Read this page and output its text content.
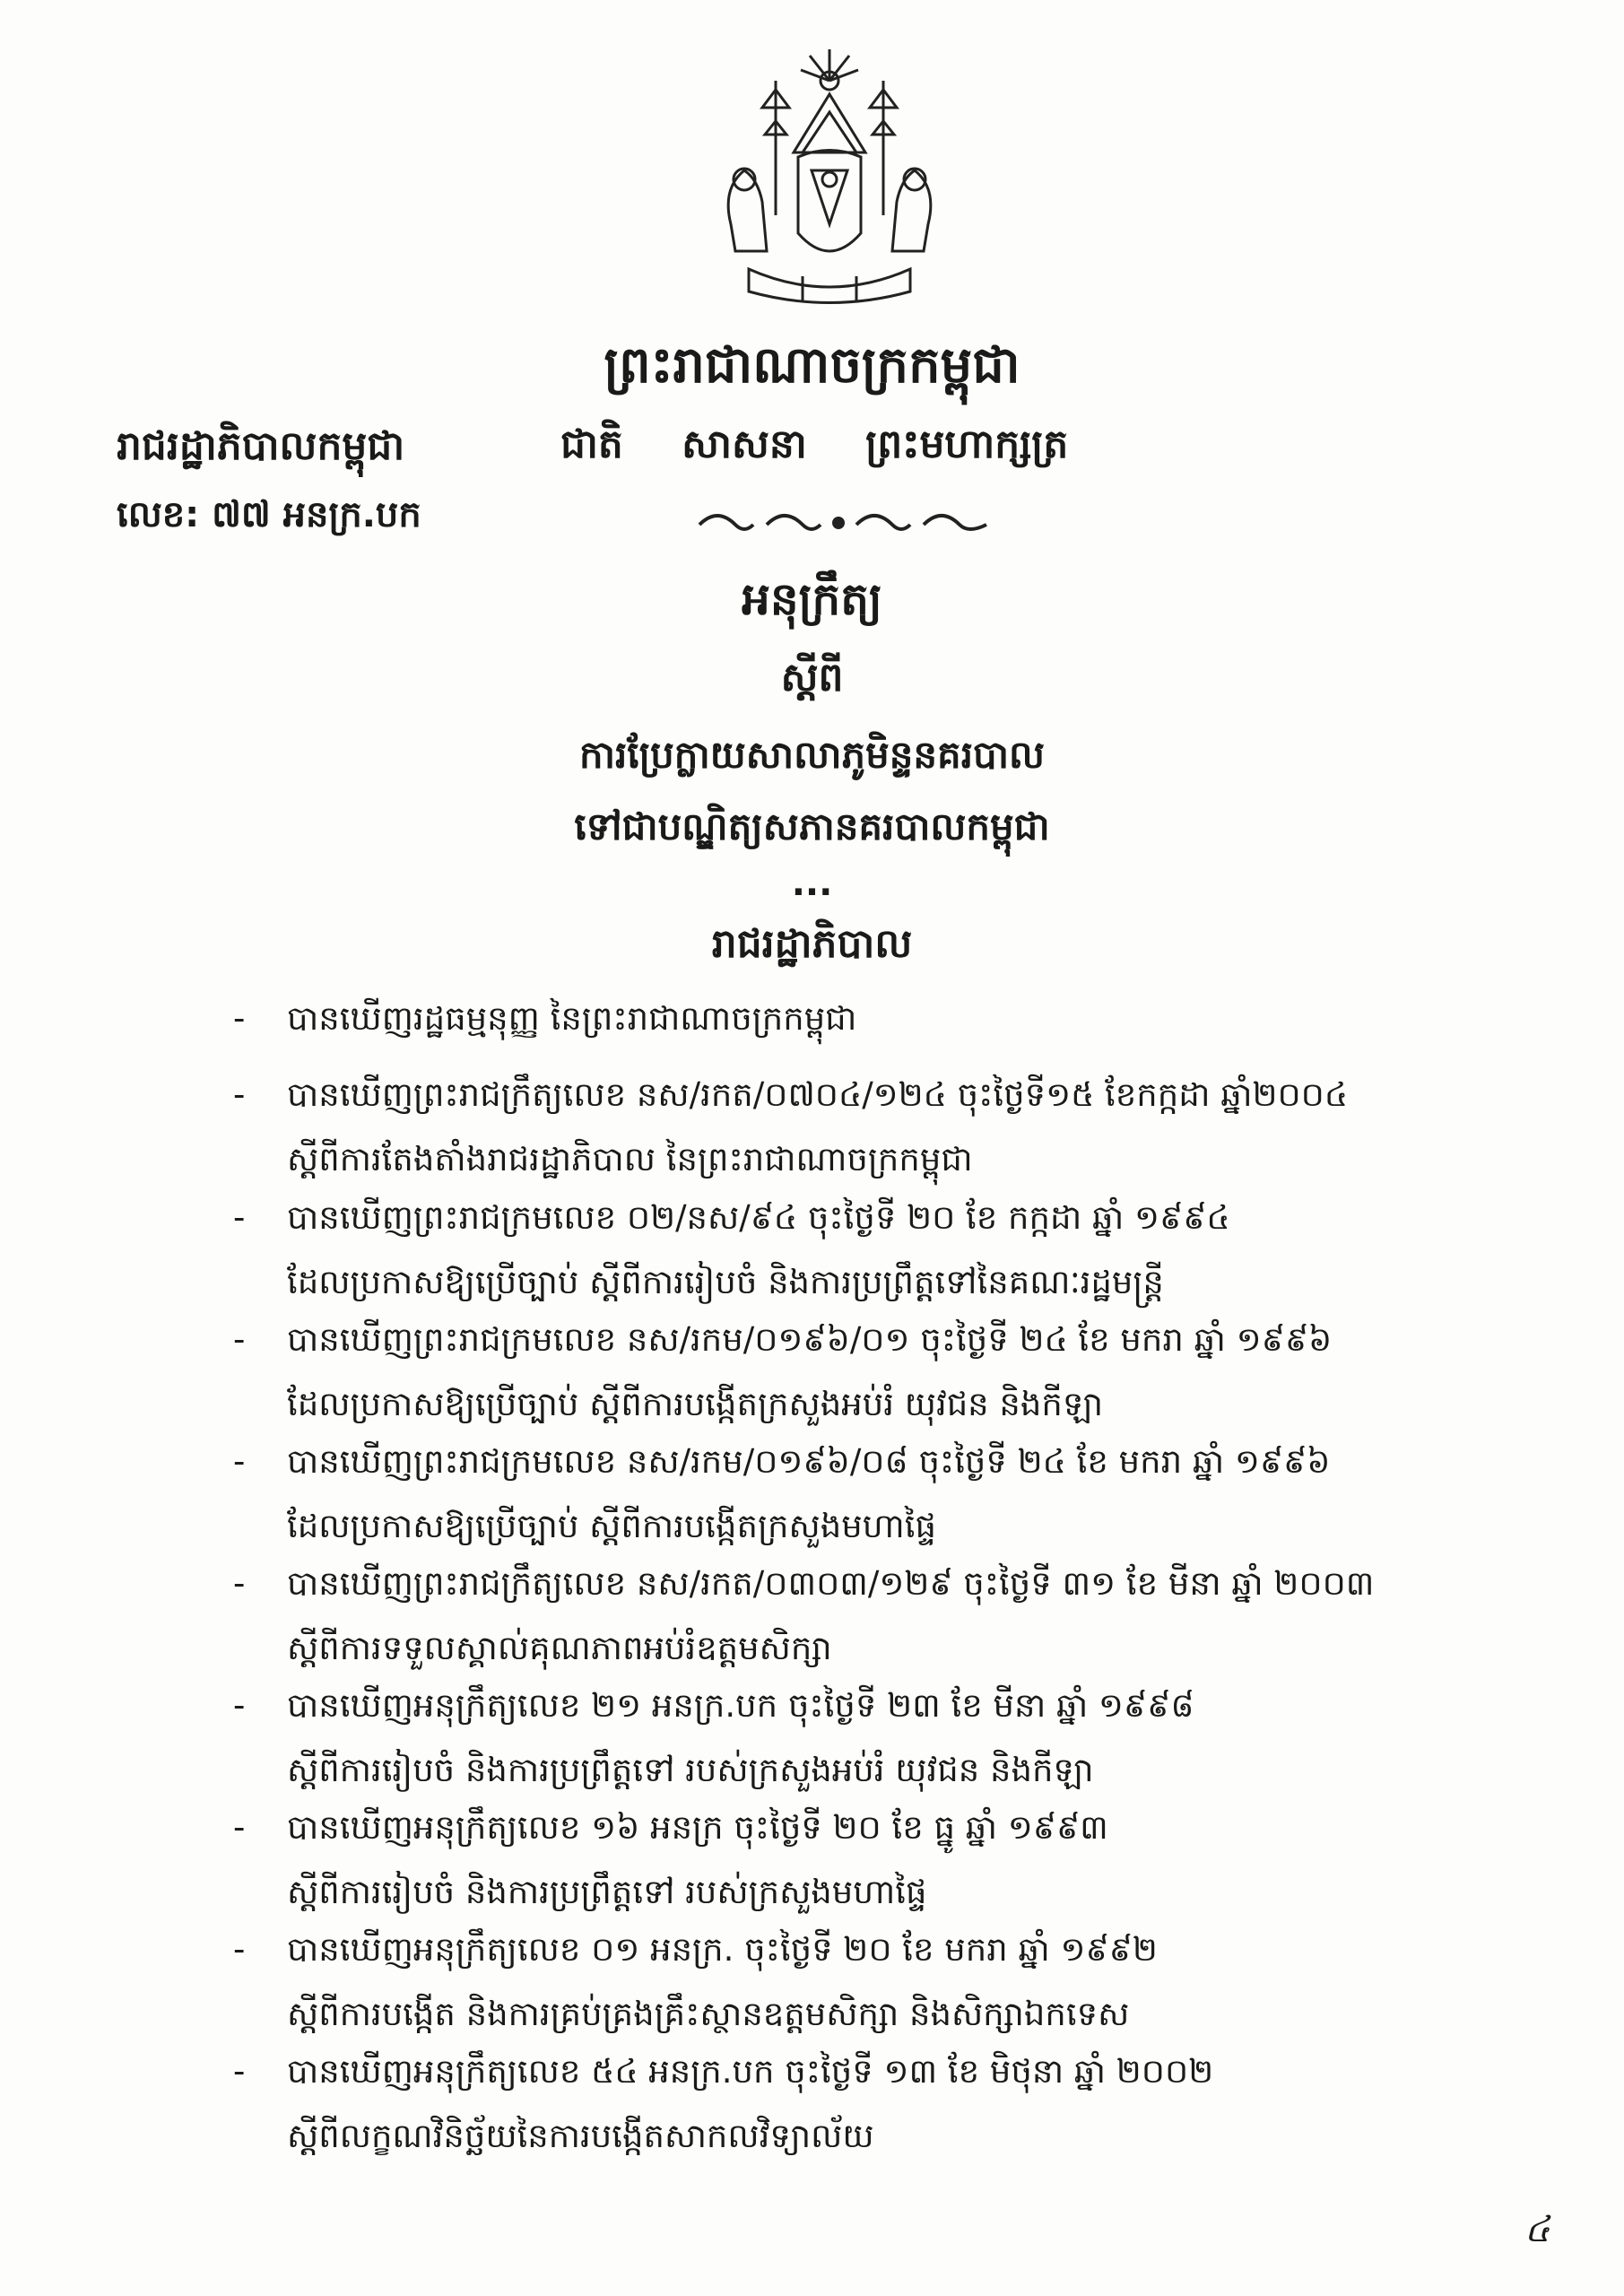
ព្រះរាជាណាចក្រកម្ពុជា
រាជរដ្ឋាភិបាលកម្ពុជា	ជាតិ សាសនា ព្រះមហាក្សត្រ
លេខ: ៧៧ អនក្រ.បក
អនុក្រឹត្យ
ស្តីពី
ការប្រែក្លាយសាលាភូមិន្ទនគរបាល
ទៅជាបណ្ឌិត្យសភានគរបាលកម្ពុជា
...
រាជរដ្ឋាភិបាល
- បានឃើញរដ្ឋធម្មនុញ្ញ នៃព្រះរាជាណាចក្រកម្ពុជា
- បានឃើញព្រះរាជក្រឹត្យលេខ នស/រកត/០៧០៤/១២៤ ចុះថ្ងៃទី១៥ ខែកក្កដា ឆ្នាំ២០០៤
ស្តីពីការតែងតាំងរាជរដ្ឋាភិបាល នៃព្រះរាជាណាចក្រកម្ពុជា
- បានឃើញព្រះរាជក្រមលេខ ០២/នស/៩៤ ចុះថ្ងៃទី ២០ ខែ កក្កដា ឆ្នាំ ១៩៩៤
ដែលប្រកាសឱ្យប្រើច្បាប់ ស្តីពីការរៀបចំ និងការប្រព្រឹត្តទៅនៃគណៈរដ្ឋមន្ត្រី
- បានឃើញព្រះរាជក្រមលេខ នស/រកម/០១៩៦/០១ ចុះថ្ងៃទី ២៤ ខែ មករា ឆ្នាំ ១៩៩៦
ដែលប្រកាសឱ្យប្រើច្បាប់ ស្តីពីការបង្កើតក្រសួងអប់រំ យុវជន និងកីឡា
- បានឃើញព្រះរាជក្រមលេខ នស/រកម/០១៩៦/០៨ ចុះថ្ងៃទី ២៤ ខែ មករា ឆ្នាំ ១៩៩៦
ដែលប្រកាសឱ្យប្រើច្បាប់ ស្តីពីការបង្កើតក្រសួងមហាផ្ទៃ
- បានឃើញព្រះរាជក្រឹត្យលេខ នស/រកត/០៣០៣/១២៩ ចុះថ្ងៃទី ៣១ ខែ មីនា ឆ្នាំ ២០០៣
ស្តីពីការទទួលស្គាល់គុណភាពអប់រំឧត្តមសិក្សា
- បានឃើញអនុក្រឹត្យលេខ ២១ អនក្រ.បក ចុះថ្ងៃទី ២៣ ខែ មីនា ឆ្នាំ ១៩៩៨
ស្តីពីការរៀបចំ និងការប្រព្រឹត្តទៅ របស់ក្រសួងអប់រំ យុវជន និងកីឡា
- បានឃើញអនុក្រឹត្យលេខ ១៦ អនក្រ ចុះថ្ងៃទី ២០ ខែ ធ្នូ ឆ្នាំ ១៩៩៣
ស្តីពីការរៀបចំ និងការប្រព្រឹត្តទៅ របស់ក្រសួងមហាផ្ទៃ
- បានឃើញអនុក្រឹត្យលេខ ០១ អនក្រ. ចុះថ្ងៃទី ២០ ខែ មករា ឆ្នាំ ១៩៩២
ស្តីពីការបង្កើត និងការគ្រប់គ្រងគ្រឹះស្ថានឧត្តមសិក្សា និងសិក្សាឯកទេស
- បានឃើញអនុក្រឹត្យលេខ ៥៤ អនក្រ.បក ចុះថ្ងៃទី ១៣ ខែ មិថុនា ឆ្នាំ ២០០២
ស្តីពីលក្ខណវិនិច្ឆ័យនៃការបង្កើតសាកលវិទ្យាល័យ
៤
